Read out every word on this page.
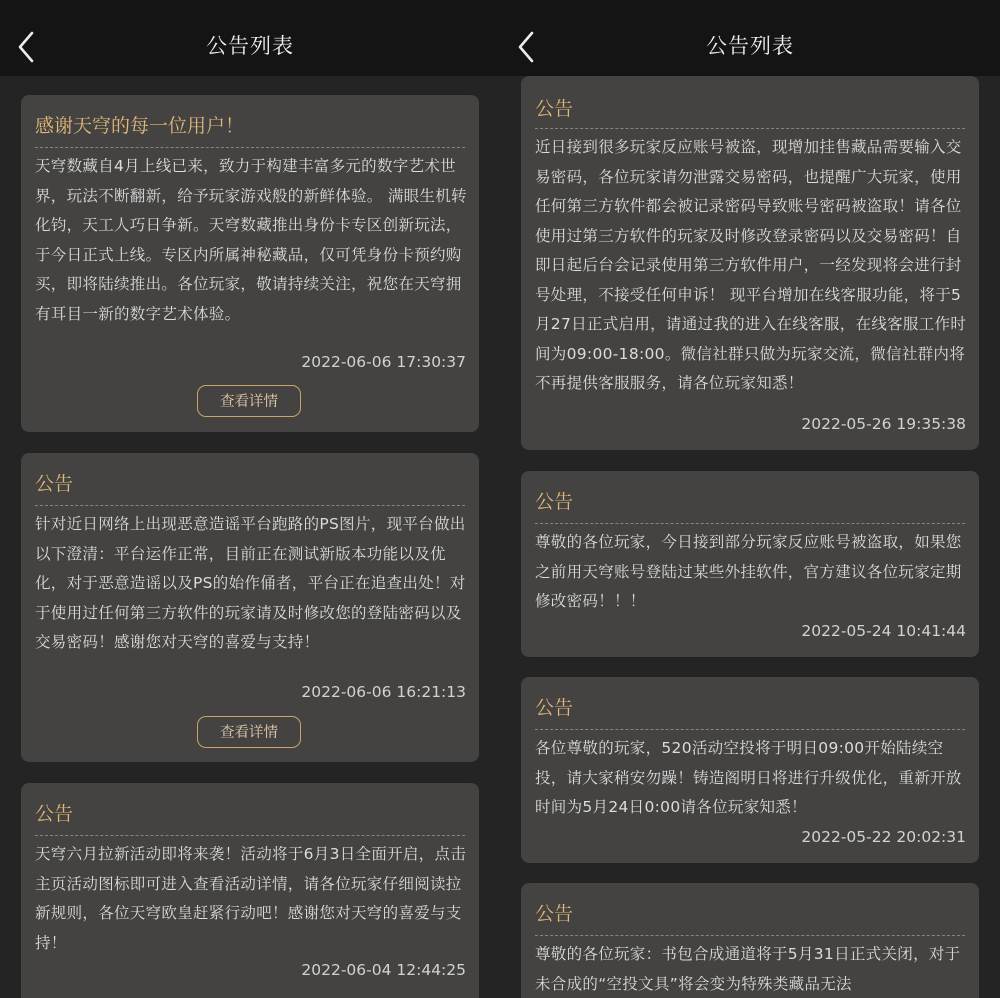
公告列表
感谢天穹的每一位用户！
天穹数藏自4月上线已来，致力于构建丰富多元的数字艺术世界，玩法不断翻新，给予玩家游戏般的新鲜体验。 满眼生机转化钧，天工人巧日争新。天穹数藏推出身份卡专区创新玩法，于今日正式上线。专区内所属神秘藏品，仅可凭身份卡预约购买，即将陆续推出。各位玩家，敬请持续关注，祝您在天穹拥有耳目一新的数字艺术体验。
2022-06-06 17:30:37
查看详情
公告
针对近日网络上出现恶意造谣平台跑路的PS图片，现平台做出以下澄清：平台运作正常，目前正在测试新版本功能以及优化，对于恶意造谣以及PS的始作俑者，平台正在追查出处！对于使用过任何第三方软件的玩家请及时修改您的登陆密码以及交易密码！感谢您对天穹的喜爱与支持！
2022-06-06 16:21:13
查看详情
公告
天穹六月拉新活动即将来袭！活动将于6月3日全面开启，点击主页活动图标即可进入查看活动详情，请各位玩家仔细阅读拉新规则，各位天穹欧皇赶紧行动吧！感谢您对天穹的喜爱与支持！
2022-06-04 12:44:25
公告列表
公告
近日接到很多玩家反应账号被盗，现增加挂售藏品需要输入交易密码，各位玩家请勿泄露交易密码，也提醒广大玩家，使用任何第三方软件都会被记录密码导致账号密码被盗取！请各位使用过第三方软件的玩家及时修改登录密码以及交易密码！自即日起后台会记录使用第三方软件用户，一经发现将会进行封号处理，不接受任何申诉！ 现平台增加在线客服功能，将于5月27日正式启用，请通过我的进入在线客服，在线客服工作时间为09:00-18:00。微信社群只做为玩家交流，微信社群内将不再提供客服服务，请各位玩家知悉！
2022-05-26 19:35:38
公告
尊敬的各位玩家，今日接到部分玩家反应账号被盗取，如果您之前用天穹账号登陆过某些外挂软件，官方建议各位玩家定期修改密码！！！
2022-05-24 10:41:44
公告
各位尊敬的玩家，520活动空投将于明日09:00开始陆续空投，请大家稍安勿躁！铸造阁明日将进行升级优化，重新开放时间为5月24日0:00请各位玩家知悉！
2022-05-22 20:02:31
公告
尊敬的各位玩家：书包合成通道将于5月31日正式关闭，对于未合成的“空投文具”将会变为特殊类藏品无法
